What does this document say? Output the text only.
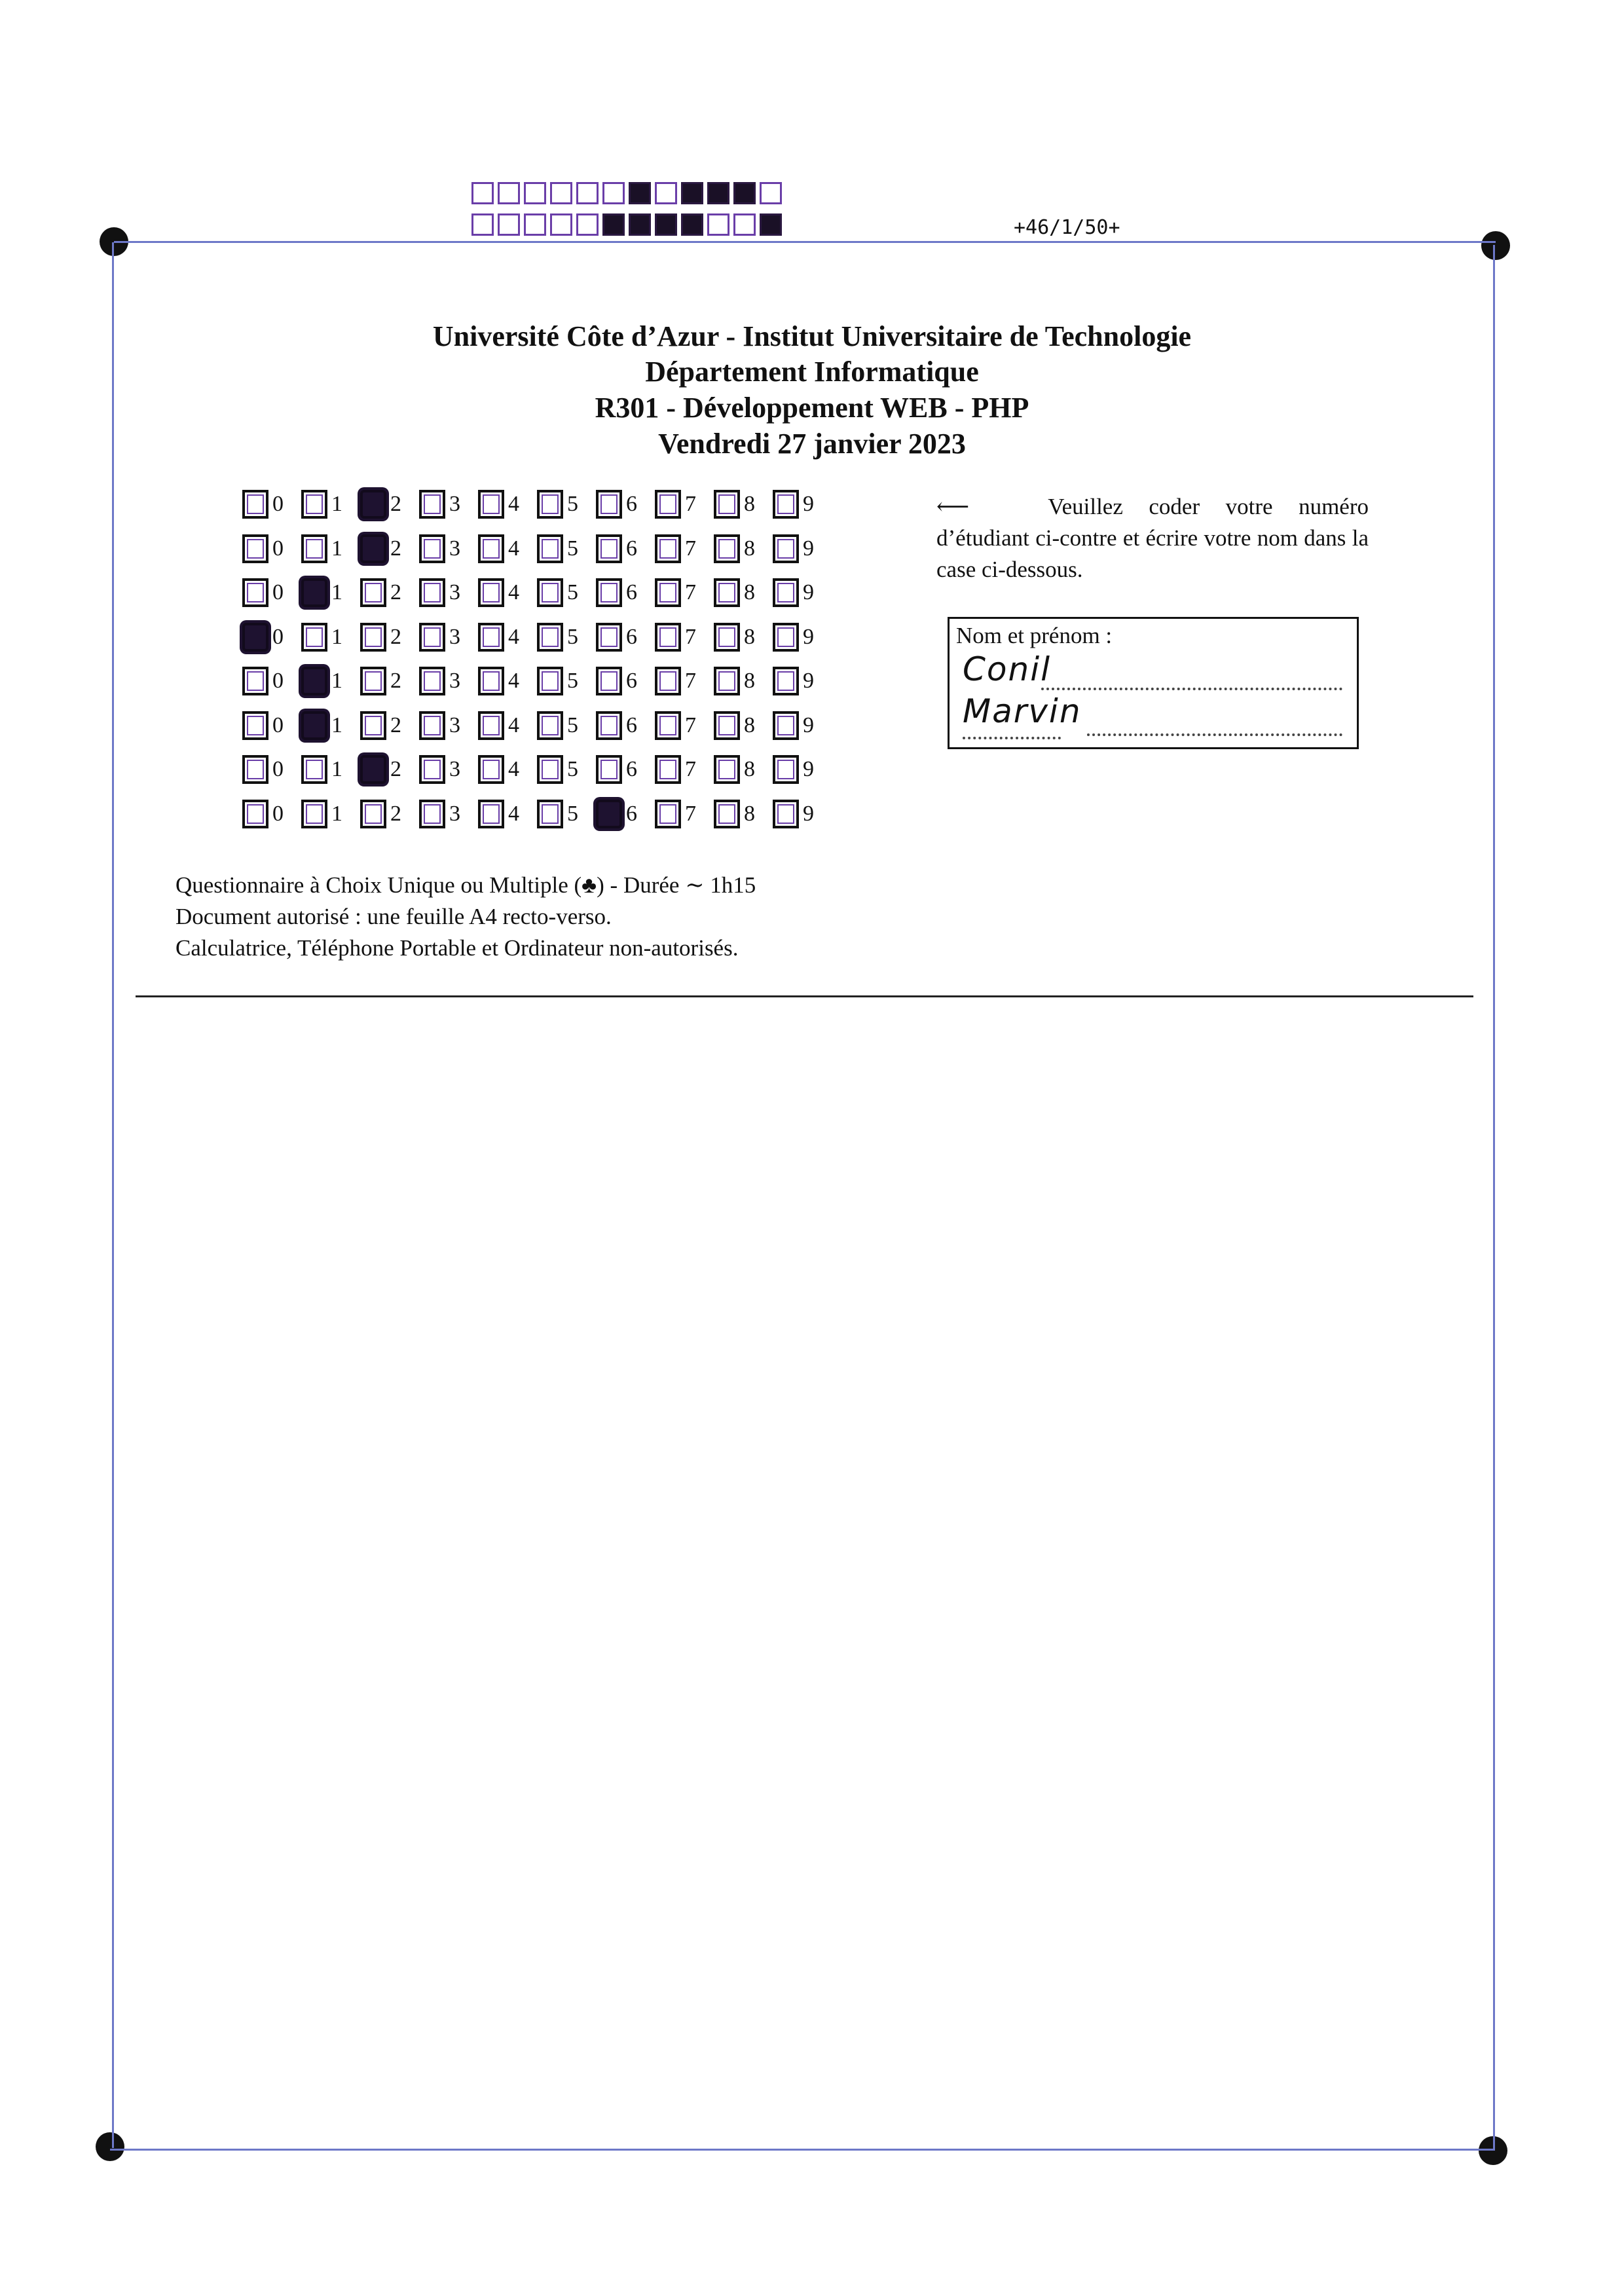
+46/1/50+
Université Côte d’Azur - Institut Universitaire de Technologie
Département Informatique
R301 - Développement WEB - PHP
Vendredi 27 janvier 2023
0 1 2 3 4 5 6 7 8 9
0 1 2 3 4 5 6 7 8 9
0 1 2 3 4 5 6 7 8 9
0 1 2 3 4 5 6 7 8 9
0 1 2 3 4 5 6 7 8 9
0 1 2 3 4 5 6 7 8 9
0 1 2 3 4 5 6 7 8 9
0 1 2 3 4 5 6 7 8 9
⟵	Veuillez coder votre numéro d’étudiant ci-contre et écrire votre nom dans la case ci-dessous.
Nom et prénom :
Conil
Marvin
Questionnaire à Choix Unique ou Multiple (♣) - Durée ∼ 1h15
Document autorisé : une feuille A4 recto-verso.
Calculatrice, Téléphone Portable et Ordinateur non-autorisés.
